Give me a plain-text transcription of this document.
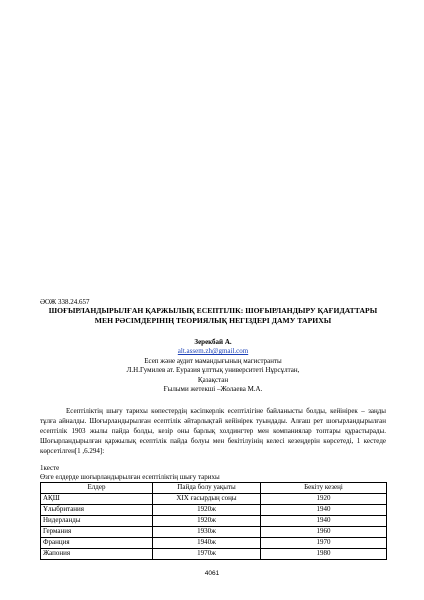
ӘОЖ 338.24.657
ШОҒЫРЛАНДЫРЫЛҒАН ҚАРЖЫЛЫҚ ЕСЕПТІЛІК: ШОҒЫРЛАНДЫРУ ҚАҒИДАТТАРЫ МЕН РӘСІМДЕРІНІҢ ТЕОРИЯЛЫҚ НЕГІЗДЕРІ ДАМУ ТАРИХЫ
Зерекбай А.
alt.assem.zh@gmail.com
Есеп және аудит мамандығының магистранты
Л.Н.Гумилев ат. Еуразия ұлттық университеті Нұрсұлтан, Қазақстан
Ғылыми жетекші –Жолаева М.А.

Есептіліктің шығу тарихы көпестердің кәсіпкерлік есептілігіне байланысты болды, кейінірек – заңды тұлға айналды. Шоғырландырылған есептілік әйтарлықтай кейінірек туындады. Алғаш рет шоғырландырылған есептілік 1903 жылы пайда болды, кезір оны барлық холдингтер мен компаниялар топтары құрастырады. Шоғырландырылған қаржылық есептілік пайда болуы мен бекітілуінің келесі кезеңдерін көрсетеді, 1 кестеде көрсетілген[1 ,6.294]:

1кесте
Өзге елдерде шоғырландырылған есептіліктің шығу тарихы
Елдер	Пайда болу уақыты	Бекіту кезеңі
АҚШ	ХІХ ғасырдың соңы	1920
Ұлыбритания	1920ж	1940
Нидерланды	1920ж	1940
Германия	1930ж	1960
Франция	1940ж	1970
Жапония	1970ж	1980
4061
